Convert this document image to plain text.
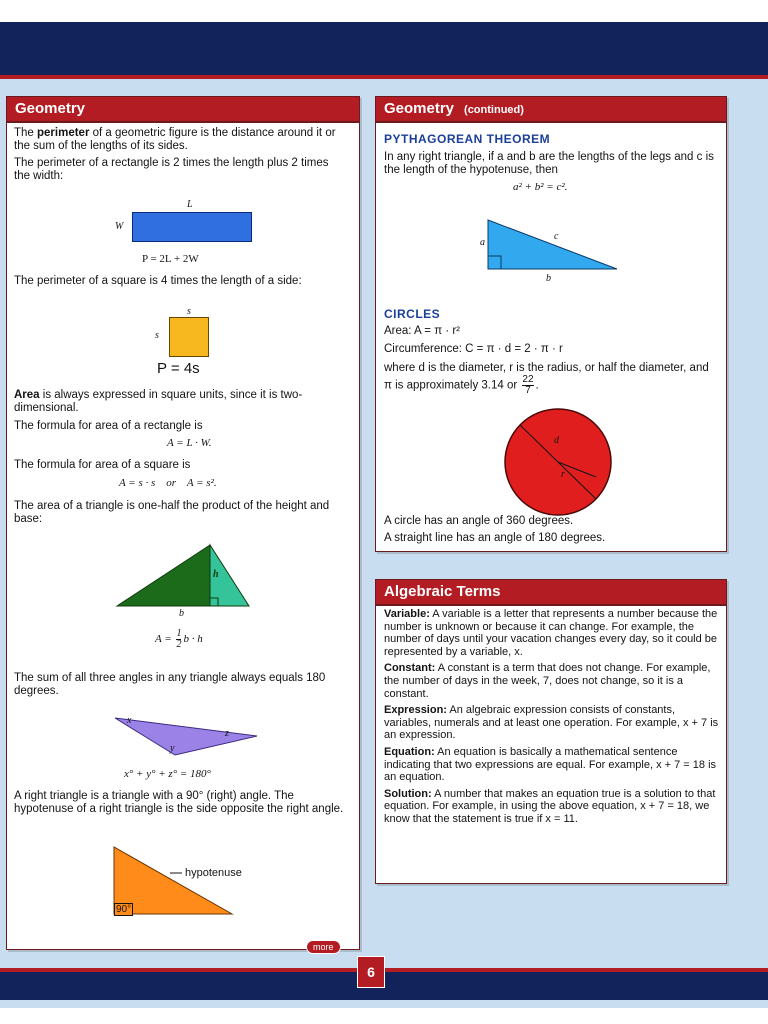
Geometry
The perimeter of a geometric figure is the distance around it or the sum of the lengths of its sides.
The perimeter of a rectangle is 2 times the length plus 2 times the width:
L
W
P = 2L + 2W
The perimeter of a square is 4 times the length of a side:
s
s
P = 4s
Area is always expressed in square units, since it is two-dimensional.
The formula for area of a rectangle is
A = L · W.
The formula for area of a square is
A = s · s    or    A = s².
The area of a triangle is one-half the product of the height and base:
h
b
$A = \frac{1}{2}$ b · h
The sum of all three angles in any triangle always equals 180 degrees.
x
z
y
x° + y° + z° = 180°
A right triangle is a triangle with a 90° (right) angle. The hypotenuse of a right triangle is the side opposite the right angle.
90°
hypotenuse
Geometry (continued)
PYTHAGOREAN THEOREM
In any right triangle, if a and b are the lengths of the legs and c is the length of the hypotenuse, then
a² + b² = c².
a
c
b
CIRCLES
Area: A = π · r²
Circumference: C = π · d = 2 · π · r
where d is the diameter, r is the radius, or half the diameter, and π is approximately 3.14 or $\frac{22}{7}$ .
d
r
A circle has an angle of 360 degrees.
A straight line has an angle of 180 degrees.
Algebraic Terms
Variable: A variable is a letter that represents a number because the number is unknown or because it can change. For example, the number of days until your vacation changes every day, so it could be represented by a variable, x.
Constant: A constant is a term that does not change. For example, the number of days in the week, 7, does not change, so it is a constant.
Expression: An algebraic expression consists of constants, variables, numerals and at least one operation. For example, x + 7 is an expression.
Equation: An equation is basically a mathematical sentence indicating that two expressions are equal. For example, x + 7 = 18 is an equation.
Solution: A number that makes an equation true is a solution to that equation. For example, in using the above equation, x + 7 = 18, we know that the statement is true if x = 11.
more
6
